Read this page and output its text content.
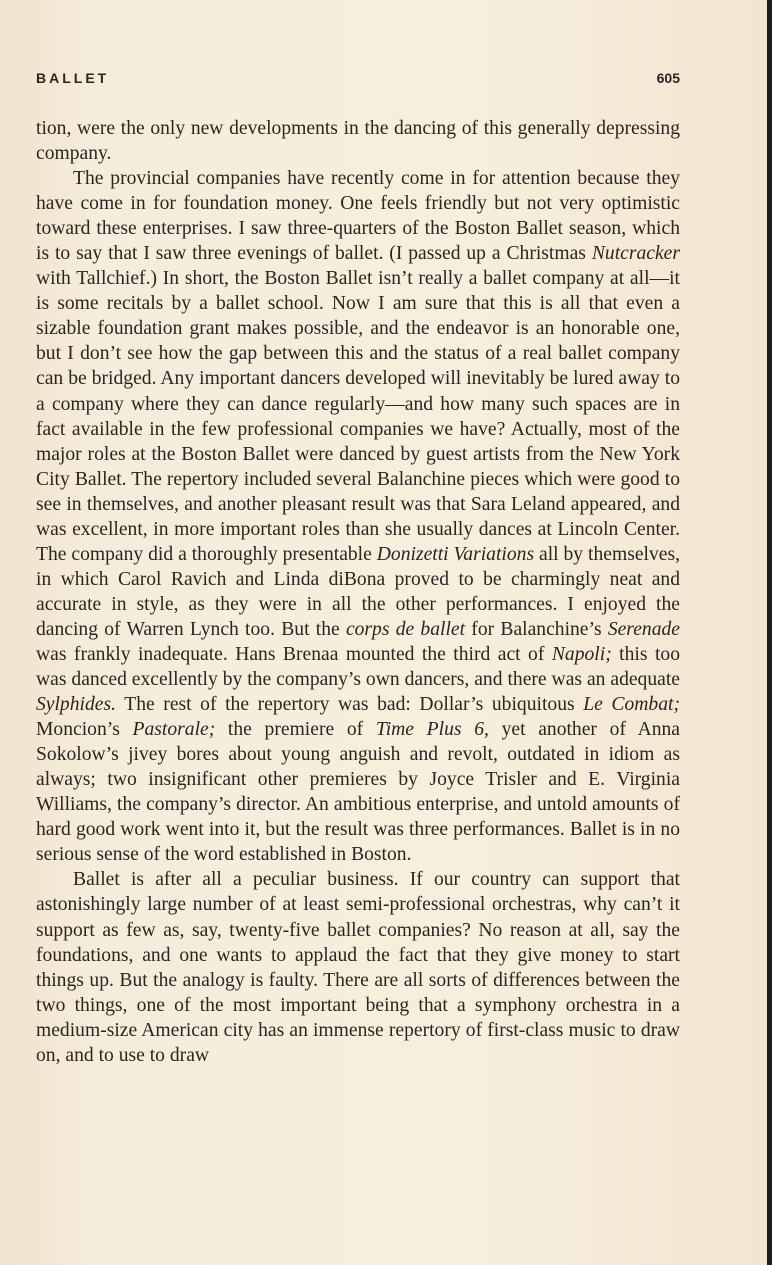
BALLET	605

tion, were the only new developments in the dancing of this generally depressing company.

The provincial companies have recently come in for attention because they have come in for foundation money. One feels friendly but not very optimistic toward these enterprises. I saw three-quarters of the Boston Ballet season, which is to say that I saw three evenings of ballet. (I passed up a Christmas Nutcracker with Tallchief.) In short, the Boston Ballet isn’t really a ballet company at all—it is some recitals by a ballet school. Now I am sure that this is all that even a sizable foundation grant makes possible, and the endeavor is an honorable one, but I don’t see how the gap between this and the status of a real ballet company can be bridged. Any important dancers developed will inevitably be lured away to a company where they can dance regularly—and how many such spaces are in fact available in the few professional companies we have? Actually, most of the major roles at the Boston Ballet were danced by guest artists from the New York City Ballet. The repertory included several Balanchine pieces which were good to see in themselves, and another pleasant result was that Sara Leland appeared, and was excellent, in more important roles than she usually dances at Lincoln Center. The company did a thoroughly presentable Donizetti Variations all by themselves, in which Carol Ravich and Linda diBona proved to be charmingly neat and accurate in style, as they were in all the other performances. I enjoyed the dancing of Warren Lynch too. But the corps de ballet for Balanchine’s Serenade was frankly inadequate. Hans Brenaa mounted the third act of Napoli; this too was danced excellently by the company’s own dancers, and there was an adequate Sylphides. The rest of the repertory was bad: Dollar’s ubiquitous Le Combat; Moncion’s Pastorale; the premiere of Time Plus 6, yet another of Anna Sokolow’s jivey bores about young anguish and revolt, outdated in idiom as always; two insignificant other premieres by Joyce Trisler and E. Virginia Williams, the company’s director. An ambitious enterprise, and untold amounts of hard good work went into it, but the result was three performances. Ballet is in no serious sense of the word established in Boston.

Ballet is after all a peculiar business. If our country can support that astonishingly large number of at least semi-professional orchestras, why can’t it support as few as, say, twenty-five ballet companies? No reason at all, say the foundations, and one wants to applaud the fact that they give money to start things up. But the analogy is faulty. There are all sorts of differences between the two things, one of the most important being that a symphony orchestra in a medium-size American city has an immense repertory of first-class music to draw on, and to use to draw
